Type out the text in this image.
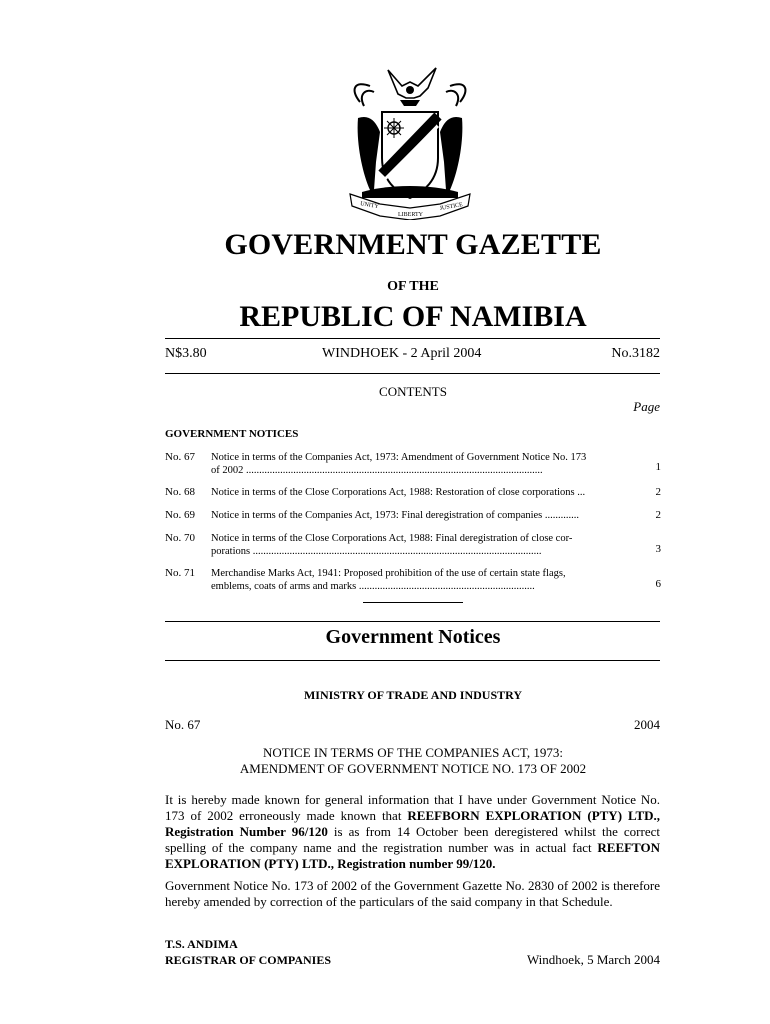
UNITY
LIBERTY
JUSTICE
GOVERNMENT GAZETTE
OF THE
REPUBLIC OF NAMIBIA
N$3.80	WINDHOEK - 2 April 2004	No.3182
CONTENTS
Page
GOVERNMENT NOTICES
No. 67 Notice in terms of the Companies Act, 1973: Amendment of Government Notice No. 173
of 2002 .................................................................................................................	1
No. 68 Notice in terms of the Close Corporations Act, 1988: Restoration of close corporations ...	2
No. 69 Notice in terms of the Companies Act, 1973: Final deregistration of companies .............	2
No. 70 Notice in terms of the Close Corporations Act, 1988: Final deregistration of close cor-
porations ..............................................................................................................	3
No. 71 Merchandise Marks Act, 1941: Proposed prohibition of the use of certain state flags,
emblems, coats of arms and marks ...................................................................	6
Government Notices
MINISTRY OF TRADE AND INDUSTRY
No. 67	2004
NOTICE IN TERMS OF THE COMPANIES ACT, 1973:
AMENDMENT OF GOVERNMENT NOTICE NO. 173 OF 2002
It is hereby made known for general information that I have under Government Notice No. 173 of 2002 erroneously made known that REEFBORN EXPLORATION (PTY) LTD., Registration Number 96/120 is as from 14 October been deregistered whilst the correct spelling of the company name and the registration number was in actual fact REEFTON EXPLORATION (PTY) LTD., Registration number 99/120.
Government Notice No. 173 of 2002 of the Government Gazette No. 2830 of 2002 is therefore hereby amended by correction of the particulars of the said company in that Schedule.
T.S. ANDIMA
REGISTRAR OF COMPANIES	Windhoek, 5 March 2004
